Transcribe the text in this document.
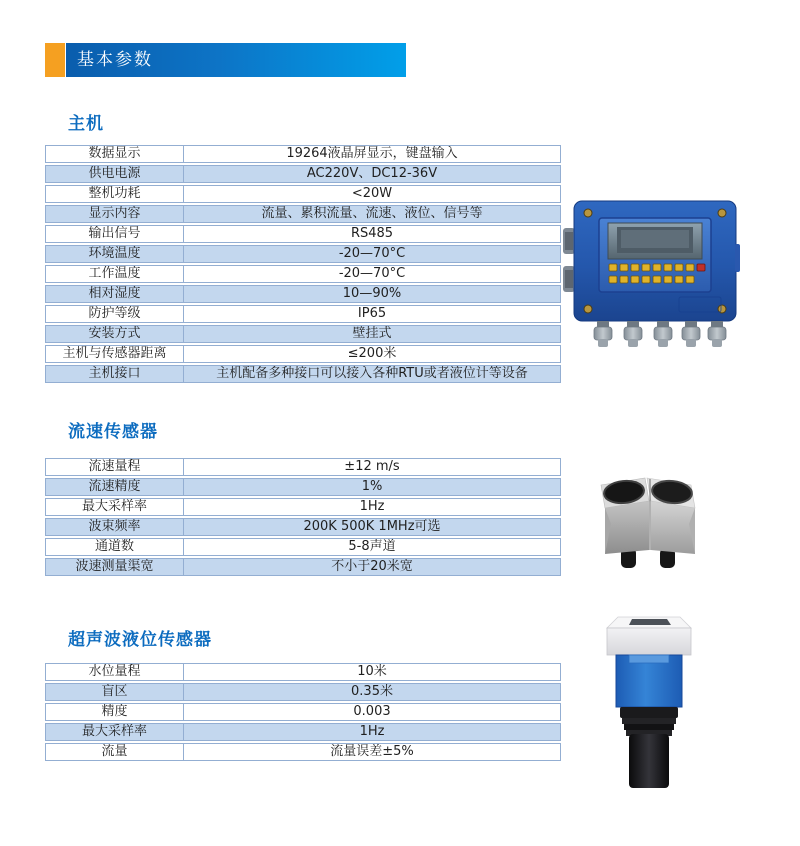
基本参数
主机
数据显示	19264液晶屏显示，键盘输入
供电电源	AC220V、DC12-36V
整机功耗	<20W
显示内容	流量、累积流量、流速、液位、信号等
输出信号	RS485
环境温度	-20—70°C
工作温度	-20—70°C
相对湿度	10—90%
防护等级	IP65
安装方式	壁挂式
主机与传感器距离	≤200米
主机接口	主机配备多种接口可以接入各种RTU或者液位计等设备
流速传感器
流速量程	±12 m/s
流速精度	1%
最大采样率	1Hz
波束频率	200K 500K 1MHz可选
通道数	5-8声道
波速测量渠宽	不小于20米宽
超声波液位传感器
水位量程	10米
盲区	0.35米
精度	0.003
最大采样率	1Hz
流量	流量误差±5%
